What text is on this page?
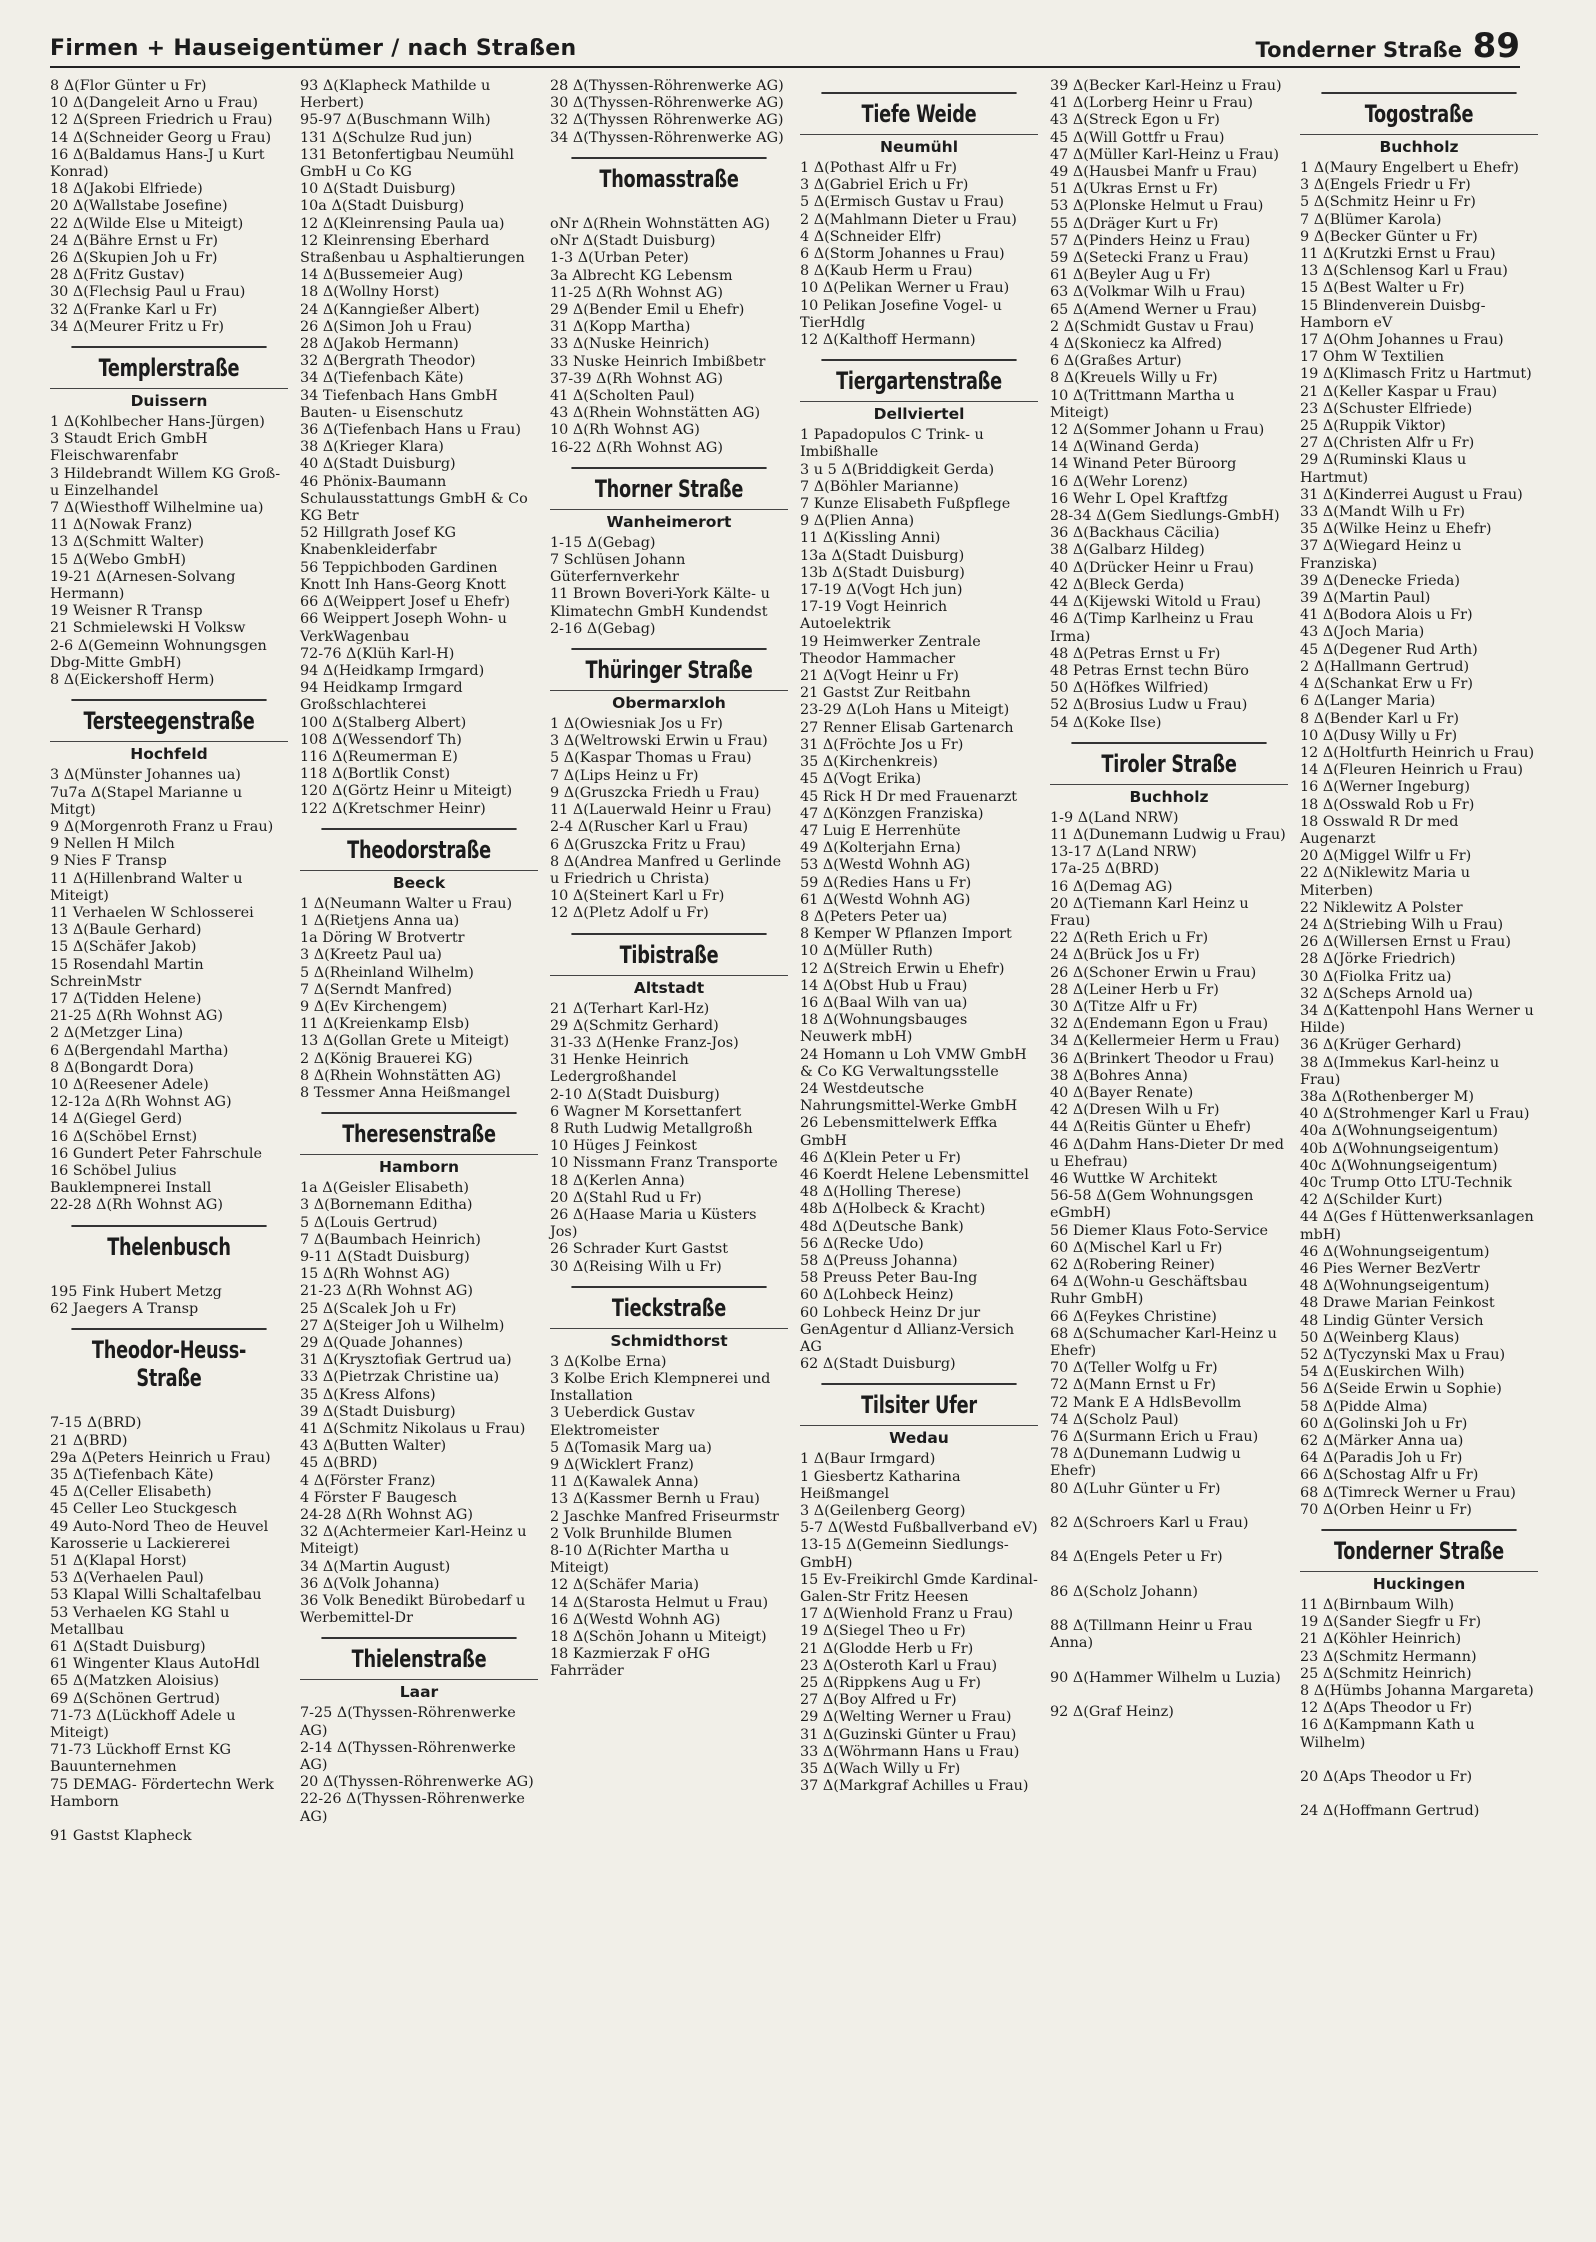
Firmen + Hauseigentümer / nach Straßen	Tonderner Straße 89
8 Δ(Flor Günter u Fr)
10 Δ(Dangeleit Arno u Frau)
12 Δ(Spreen Friedrich u Frau)
14 Δ(Schneider Georg u Frau)
16 Δ(Baldamus Hans-J u Kurt Konrad)
18 Δ(Jakobi Elfriede)
20 Δ(Wallstabe Josefine)
22 Δ(Wilde Else u Miteigt)
24 Δ(Bähre Ernst u Fr)
26 Δ(Skupien Joh u Fr)
28 Δ(Fritz Gustav)
30 Δ(Flechsig Paul u Frau)
32 Δ(Franke Karl u Fr)
34 Δ(Meurer Fritz u Fr)
Templerstraße
Duissern
1 Δ(Kohlbecher Hans-Jürgen)
3 Staudt Erich GmbH Fleischwarenfabr
3 Hildebrandt Willem KG Groß- u Einzelhandel
7 Δ(Wiesthoff Wilhelmine ua)
11 Δ(Nowak Franz)
13 Δ(Schmitt Walter)
15 Δ(Webo GmbH)
19-21 Δ(Arnesen-Solvang Hermann)
19 Weisner R Transp
21 Schmielewski H Volksw
2-6 Δ(Gemeinn Wohnungsgen Dbg-Mitte GmbH)
8 Δ(Eickershoff Herm)
Tersteegenstraße
Hochfeld
3 Δ(Münster Johannes ua)
7u7a Δ(Stapel Marianne u Mitgt)
9 Δ(Morgenroth Franz u Frau)
9 Nellen H Milch
9 Nies F Transp
11 Δ(Hillenbrand Walter u Miteigt)
11 Verhaelen W Schlosserei
13 Δ(Baule Gerhard)
15 Δ(Schäfer Jakob)
15 Rosendahl Martin SchreinMstr
17 Δ(Tidden Helene)
21-25 Δ(Rh Wohnst AG)
2 Δ(Metzger Lina)
6 Δ(Bergendahl Martha)
8 Δ(Bongardt Dora)
10 Δ(Reesener Adele)
12-12a Δ(Rh Wohnst AG)
14 Δ(Giegel Gerd)
16 Δ(Schöbel Ernst)
16 Gundert Peter Fahrschule
16 Schöbel Julius Bauklempnerei Install
22-28 Δ(Rh Wohnst AG)
Thelenbusch

195 Fink Hubert Metzg
62 Jaegers A Transp
Theodor-Heuss-Straße

7-15 Δ(BRD)
21 Δ(BRD)
29a Δ(Peters Heinrich u Frau)
35 Δ(Tiefenbach Käte)
45 Δ(Celler Elisabeth)
45 Celler Leo Stuckgesch
49 Auto-Nord Theo de Heuvel Karosserie u Lackiererei
51 Δ(Klapal Horst)
53 Δ(Verhaelen Paul)
53 Klapal Willi Schaltafelbau
53 Verhaelen KG Stahl u Metallbau
61 Δ(Stadt Duisburg)
61 Wingenter Klaus AutoHdl
65 Δ(Matzken Aloisius)
69 Δ(Schönen Gertrud)
71-73 Δ(Lückhoff Adele u Miteigt)
71-73 Lückhoff Ernst KG Bauunternehmen
75 DEMAG- Fördertechn Werk Hamborn

91 Gastst Klapheck
93 Δ(Klapheck Mathilde u Herbert)
95-97 Δ(Buschmann Wilh)
131 Δ(Schulze Rud jun)
131 Betonfertigbau Neumühl GmbH u Co KG
10 Δ(Stadt Duisburg)
10a Δ(Stadt Duisburg)
12 Δ(Kleinrensing Paula ua)
12 Kleinrensing Eberhard Straßenbau u Asphaltierungen
14 Δ(Bussemeier Aug)
18 Δ(Wollny Horst)
24 Δ(Kanngießer Albert)
26 Δ(Simon Joh u Frau)
28 Δ(Jakob Hermann)
32 Δ(Bergrath Theodor)
34 Δ(Tiefenbach Käte)
34 Tiefenbach Hans GmbH Bauten- u Eisenschutz
36 Δ(Tiefenbach Hans u Frau)
38 Δ(Krieger Klara)
40 Δ(Stadt Duisburg)
46 Phönix-Baumann Schulausstattungs GmbH & Co KG Betr
52 Hillgrath Josef KG Knabenkleiderfabr
56 Teppichboden Gardinen Knott Inh Hans-Georg Knott
66 Δ(Weippert Josef u Ehefr)
66 Weippert Joseph Wohn- u VerkWagenbau
72-76 Δ(Klüh Karl-H)
94 Δ(Heidkamp Irmgard)
94 Heidkamp Irmgard Großschlachterei
100 Δ(Stalberg Albert)
108 Δ(Wessendorf Th)
116 Δ(Reumerman E)
118 Δ(Bortlik Const)
120 Δ(Görtz Heinr u Miteigt)
122 Δ(Kretschmer Heinr)
Theodorstraße
Beeck
1 Δ(Neumann Walter u Frau)
1 Δ(Rietjens Anna ua)
1a Döring W Brotvertr
3 Δ(Kreetz Paul ua)
5 Δ(Rheinland Wilhelm)
7 Δ(Serndt Manfred)
9 Δ(Ev Kirchengem)
11 Δ(Kreienkamp Elsb)
13 Δ(Gollan Grete u Miteigt)
2 Δ(König Brauerei KG)
8 Δ(Rhein Wohnstätten AG)
8 Tessmer Anna Heißmangel
Theresenstraße
Hamborn
1a Δ(Geisler Elisabeth)
3 Δ(Bornemann Editha)
5 Δ(Louis Gertrud)
7 Δ(Baumbach Heinrich)
9-11 Δ(Stadt Duisburg)
15 Δ(Rh Wohnst AG)
21-23 Δ(Rh Wohnst AG)
25 Δ(Scalek Joh u Fr)
27 Δ(Steiger Joh u Wilhelm)
29 Δ(Quade Johannes)
31 Δ(Krysztofiak Gertrud ua)
33 Δ(Pietrzak Christine ua)
35 Δ(Kress Alfons)
39 Δ(Stadt Duisburg)
41 Δ(Schmitz Nikolaus u Frau)
43 Δ(Butten Walter)
45 Δ(BRD)
4 Δ(Förster Franz)
4 Förster F Baugesch
24-28 Δ(Rh Wohnst AG)
32 Δ(Achtermeier Karl-Heinz u Miteigt)
34 Δ(Martin August)
36 Δ(Volk Johanna)
36 Volk Benedikt Bürobedarf u Werbemittel-Dr
Thielenstraße
Laar
7-25 Δ(Thyssen-Röhrenwerke AG)
2-14 Δ(Thyssen-Röhrenwerke AG)
20 Δ(Thyssen-Röhrenwerke AG)
22-26 Δ(Thyssen-Röhrenwerke AG)
28 Δ(Thyssen-Röhrenwerke AG)
30 Δ(Thyssen-Röhrenwerke AG)
32 Δ(Thyssen Röhrenwerke AG)
34 Δ(Thyssen-Röhrenwerke AG)
Thomasstraße

oNr Δ(Rhein Wohnstätten AG)
oNr Δ(Stadt Duisburg)
1-3 Δ(Urban Peter)
3a Albrecht KG Lebensm
11-25 Δ(Rh Wohnst AG)
29 Δ(Bender Emil u Ehefr)
31 Δ(Kopp Martha)
33 Δ(Nuske Heinrich)
33 Nuske Heinrich Imbißbetr
37-39 Δ(Rh Wohnst AG)
41 Δ(Scholten Paul)
43 Δ(Rhein Wohnstätten AG)
10 Δ(Rh Wohnst AG)
16-22 Δ(Rh Wohnst AG)
Thorner Straße
Wanheimerort
1-15 Δ(Gebag)
7 Schlüsen Johann Güterfernverkehr
11 Brown Boveri-York Kälte- u Klimatechn GmbH Kundendst
2-16 Δ(Gebag)
Thüringer Straße
Obermarxloh
1 Δ(Owiesniak Jos u Fr)
3 Δ(Weltrowski Erwin u Frau)
5 Δ(Kaspar Thomas u Frau)
7 Δ(Lips Heinz u Fr)
9 Δ(Gruszcka Friedh u Frau)
11 Δ(Lauerwald Heinr u Frau)
2-4 Δ(Ruscher Karl u Frau)
6 Δ(Gruszcka Fritz u Frau)
8 Δ(Andrea Manfred u Gerlinde u Friedrich u Christa)
10 Δ(Steinert Karl u Fr)
12 Δ(Pletz Adolf u Fr)
Tibistraße
Altstadt
21 Δ(Terhart Karl-Hz)
29 Δ(Schmitz Gerhard)
31-33 Δ(Henke Franz-Jos)
31 Henke Heinrich Ledergroßhandel
2-10 Δ(Stadt Duisburg)
6 Wagner M Korsettanfert
8 Ruth Ludwig Metallgroßh
10 Hüges J Feinkost
10 Nissmann Franz Transporte
18 Δ(Kerlen Anna)
20 Δ(Stahl Rud u Fr)
26 Δ(Haase Maria u Küsters Jos)
26 Schrader Kurt Gastst
30 Δ(Reising Wilh u Fr)
Tieckstraße
Schmidthorst
3 Δ(Kolbe Erna)
3 Kolbe Erich Klempnerei und Installation
3 Ueberdick Gustav Elektromeister
5 Δ(Tomasik Marg ua)
9 Δ(Wicklert Franz)
11 Δ(Kawalek Anna)
13 Δ(Kassmer Bernh u Frau)
2 Jaschke Manfred Friseurmstr
2 Volk Brunhilde Blumen
8-10 Δ(Richter Martha u Miteigt)
12 Δ(Schäfer Maria)
14 Δ(Starosta Helmut u Frau)
16 Δ(Westd Wohnh AG)
18 Δ(Schön Johann u Miteigt)
18 Kazmierzak F oHG Fahrräder
Tiefe Weide
Neumühl
1 Δ(Pothast Alfr u Fr)
3 Δ(Gabriel Erich u Fr)
5 Δ(Ermisch Gustav u Frau)
2 Δ(Mahlmann Dieter u Frau)
4 Δ(Schneider Elfr)
6 Δ(Storm Johannes u Frau)
8 Δ(Kaub Herm u Frau)
10 Δ(Pelikan Werner u Frau)
10 Pelikan Josefine Vogel- u TierHdlg
12 Δ(Kalthoff Hermann)
Tiergartenstraße
Dellviertel
1 Papadopulos C Trink- u Imbißhalle
3 u 5 Δ(Briddigkeit Gerda)
7 Δ(Böhler Marianne)
7 Kunze Elisabeth Fußpflege
9 Δ(Plien Anna)
11 Δ(Kissling Anni)
13a Δ(Stadt Duisburg)
13b Δ(Stadt Duisburg)
17-19 Δ(Vogt Hch jun)
17-19 Vogt Heinrich Autoelektrik
19 Heimwerker Zentrale Theodor Hammacher
21 Δ(Vogt Heinr u Fr)
21 Gastst Zur Reitbahn
23-29 Δ(Loh Hans u Miteigt)
27 Renner Elisab Gartenarch
31 Δ(Fröchte Jos u Fr)
35 Δ(Kirchenkreis)
45 Δ(Vogt Erika)
45 Rick H Dr med Frauenarzt
47 Δ(Könzgen Franziska)
47 Luig E Herrenhüte
49 Δ(Kolterjahn Erna)
53 Δ(Westd Wohnh AG)
59 Δ(Redies Hans u Fr)
61 Δ(Westd Wohnh AG)
8 Δ(Peters Peter ua)
8 Kemper W Pflanzen Import
10 Δ(Müller Ruth)
12 Δ(Streich Erwin u Ehefr)
14 Δ(Obst Hub u Frau)
16 Δ(Baal Wilh van ua)
18 Δ(Wohnungsbauges Neuwerk mbH)
24 Homann u Loh VMW GmbH & Co KG Verwaltungsstelle
24 Westdeutsche Nahrungsmittel-Werke GmbH
26 Lebensmittelwerk Effka GmbH
46 Δ(Klein Peter u Fr)
46 Koerdt Helene Lebensmittel
48 Δ(Holling Therese)
48b Δ(Holbeck & Kracht)
48d Δ(Deutsche Bank)
56 Δ(Recke Udo)
58 Δ(Preuss Johanna)
58 Preuss Peter Bau-Ing
60 Δ(Lohbeck Heinz)
60 Lohbeck Heinz Dr jur GenAgentur d Allianz-Versich AG
62 Δ(Stadt Duisburg)
Tilsiter Ufer
Wedau
1 Δ(Baur Irmgard)
1 Giesbertz Katharina Heißmangel
3 Δ(Geilenberg Georg)
5-7 Δ(Westd Fußballverband eV)
13-15 Δ(Gemeinn Siedlungs-GmbH)
15 Ev-Freikirchl Gmde Kardinal-Galen-Str Fritz Heesen
17 Δ(Wienhold Franz u Frau)
19 Δ(Siegel Theo u Fr)
21 Δ(Glodde Herb u Fr)
23 Δ(Osteroth Karl u Frau)
25 Δ(Rippkens Aug u Fr)
27 Δ(Boy Alfred u Fr)
29 Δ(Welting Werner u Frau)
31 Δ(Guzinski Günter u Frau)
33 Δ(Wöhrmann Hans u Frau)
35 Δ(Wach Willy u Fr)
37 Δ(Markgraf Achilles u Frau)
39 Δ(Becker Karl-Heinz u Frau)
41 Δ(Lorberg Heinr u Frau)
43 Δ(Streck Egon u Fr)
45 Δ(Will Gottfr u Frau)
47 Δ(Müller Karl-Heinz u Frau)
49 Δ(Hausbei Manfr u Frau)
51 Δ(Ukras Ernst u Fr)
53 Δ(Plonske Helmut u Frau)
55 Δ(Dräger Kurt u Fr)
57 Δ(Pinders Heinz u Frau)
59 Δ(Setecki Franz u Frau)
61 Δ(Beyler Aug u Fr)
63 Δ(Volkmar Wilh u Frau)
65 Δ(Amend Werner u Frau)
2 Δ(Schmidt Gustav u Frau)
4 Δ(Skoniecz ka Alfred)
6 Δ(Graßes Artur)
8 Δ(Kreuels Willy u Fr)
10 Δ(Trittmann Martha u Miteigt)
12 Δ(Sommer Johann u Frau)
14 Δ(Winand Gerda)
14 Winand Peter Büroorg
16 Δ(Wehr Lorenz)
16 Wehr L Opel Kraftfzg
28-34 Δ(Gem Siedlungs-GmbH)
36 Δ(Backhaus Cäcilia)
38 Δ(Galbarz Hildeg)
40 Δ(Drücker Heinr u Frau)
42 Δ(Bleck Gerda)
44 Δ(Kijewski Witold u Frau)
46 Δ(Timp Karlheinz u Frau Irma)
48 Δ(Petras Ernst u Fr)
48 Petras Ernst techn Büro
50 Δ(Höfkes Wilfried)
52 Δ(Brosius Ludw u Frau)
54 Δ(Koke Ilse)
Tiroler Straße
Buchholz
1-9 Δ(Land NRW)
11 Δ(Dunemann Ludwig u Frau)
13-17 Δ(Land NRW)
17a-25 Δ(BRD)
16 Δ(Demag AG)
20 Δ(Tiemann Karl Heinz u Frau)
22 Δ(Reth Erich u Fr)
24 Δ(Brück Jos u Fr)
26 Δ(Schoner Erwin u Frau)
28 Δ(Leiner Herb u Fr)
30 Δ(Titze Alfr u Fr)
32 Δ(Endemann Egon u Frau)
34 Δ(Kellermeier Herm u Frau)
36 Δ(Brinkert Theodor u Frau)
38 Δ(Bohres Anna)
40 Δ(Bayer Renate)
42 Δ(Dresen Wilh u Fr)
44 Δ(Reitis Günter u Ehefr)
46 Δ(Dahm Hans-Dieter Dr med u Ehefrau)
46 Wuttke W Architekt
56-58 Δ(Gem Wohnungsgen eGmbH)
56 Diemer Klaus Foto-Service
60 Δ(Mischel Karl u Fr)
62 Δ(Robering Reiner)
64 Δ(Wohn-u Geschäftsbau Ruhr GmbH)
66 Δ(Feykes Christine)
68 Δ(Schumacher Karl-Heinz u Ehefr)
70 Δ(Teller Wolfg u Fr)
72 Δ(Mann Ernst u Fr)
72 Mank E A HdlsBevollm
74 Δ(Scholz Paul)
76 Δ(Surmann Erich u Frau)
78 Δ(Dunemann Ludwig u Ehefr)
80 Δ(Luhr Günter u Fr)

82 Δ(Schroers Karl u Frau)

84 Δ(Engels Peter u Fr)

86 Δ(Scholz Johann)

88 Δ(Tillmann Heinr u Frau Anna)

90 Δ(Hammer Wilhelm u Luzia)

92 Δ(Graf Heinz)
Togostraße
Buchholz
1 Δ(Maury Engelbert u Ehefr)
3 Δ(Engels Friedr u Fr)
5 Δ(Schmitz Heinr u Fr)
7 Δ(Blümer Karola)
9 Δ(Becker Günter u Fr)
11 Δ(Krutzki Ernst u Frau)
13 Δ(Schlensog Karl u Frau)
15 Δ(Best Walter u Fr)
15 Blindenverein Duisbg-Hamborn eV
17 Δ(Ohm Johannes u Frau)
17 Ohm W Textilien
19 Δ(Klimasch Fritz u Hartmut)
21 Δ(Keller Kaspar u Frau)
23 Δ(Schuster Elfriede)
25 Δ(Ruppik Viktor)
27 Δ(Christen Alfr u Fr)
29 Δ(Ruminski Klaus u Hartmut)
31 Δ(Kinderrei August u Frau)
33 Δ(Mandt Wilh u Fr)
35 Δ(Wilke Heinz u Ehefr)
37 Δ(Wiegard Heinz u Franziska)
39 Δ(Denecke Frieda)
39 Δ(Martin Paul)
41 Δ(Bodora Alois u Fr)
43 Δ(Joch Maria)
45 Δ(Degener Rud Arth)
2 Δ(Hallmann Gertrud)
4 Δ(Schankat Erw u Fr)
6 Δ(Langer Maria)
8 Δ(Bender Karl u Fr)
10 Δ(Dusy Willy u Fr)
12 Δ(Holtfurth Heinrich u Frau)
14 Δ(Fleuren Heinrich u Frau)
16 Δ(Werner Ingeburg)
18 Δ(Osswald Rob u Fr)
18 Osswald R Dr med Augenarzt
20 Δ(Miggel Wilfr u Fr)
22 Δ(Niklewitz Maria u Miterben)
22 Niklewitz A Polster
24 Δ(Striebing Wilh u Frau)
26 Δ(Willersen Ernst u Frau)
28 Δ(Jörke Friedrich)
30 Δ(Fiolka Fritz ua)
32 Δ(Scheps Arnold ua)
34 Δ(Kattenpohl Hans Werner u Hilde)
36 Δ(Krüger Gerhard)
38 Δ(Immekus Karl-heinz u Frau)
38a Δ(Rothenberger M)
40 Δ(Strohmenger Karl u Frau)
40a Δ(Wohnungseigentum)
40b Δ(Wohnungseigentum)
40c Δ(Wohnungseigentum)
40c Trump Otto LTU-Technik
42 Δ(Schilder Kurt)
44 Δ(Ges f Hüttenwerksanlagen mbH)
46 Δ(Wohnungseigentum)
46 Pies Werner BezVertr
48 Δ(Wohnungseigentum)
48 Drawe Marian Feinkost
48 Lindig Günter Versich
50 Δ(Weinberg Klaus)
52 Δ(Tyczynski Max u Frau)
54 Δ(Euskirchen Wilh)
56 Δ(Seide Erwin u Sophie)
58 Δ(Pidde Alma)
60 Δ(Golinski Joh u Fr)
62 Δ(Märker Anna ua)
64 Δ(Paradis Joh u Fr)
66 Δ(Schostag Alfr u Fr)
68 Δ(Timreck Werner u Frau)
70 Δ(Orben Heinr u Fr)
Tonderner Straße
Huckingen
11 Δ(Birnbaum Wilh)
19 Δ(Sander Siegfr u Fr)
21 Δ(Köhler Heinrich)
23 Δ(Schmitz Hermann)
25 Δ(Schmitz Heinrich)
8 Δ(Hümbs Johanna Margareta)
12 Δ(Aps Theodor u Fr)
16 Δ(Kampmann Kath u Wilhelm)

20 Δ(Aps Theodor u Fr)

24 Δ(Hoffmann Gertrud)
